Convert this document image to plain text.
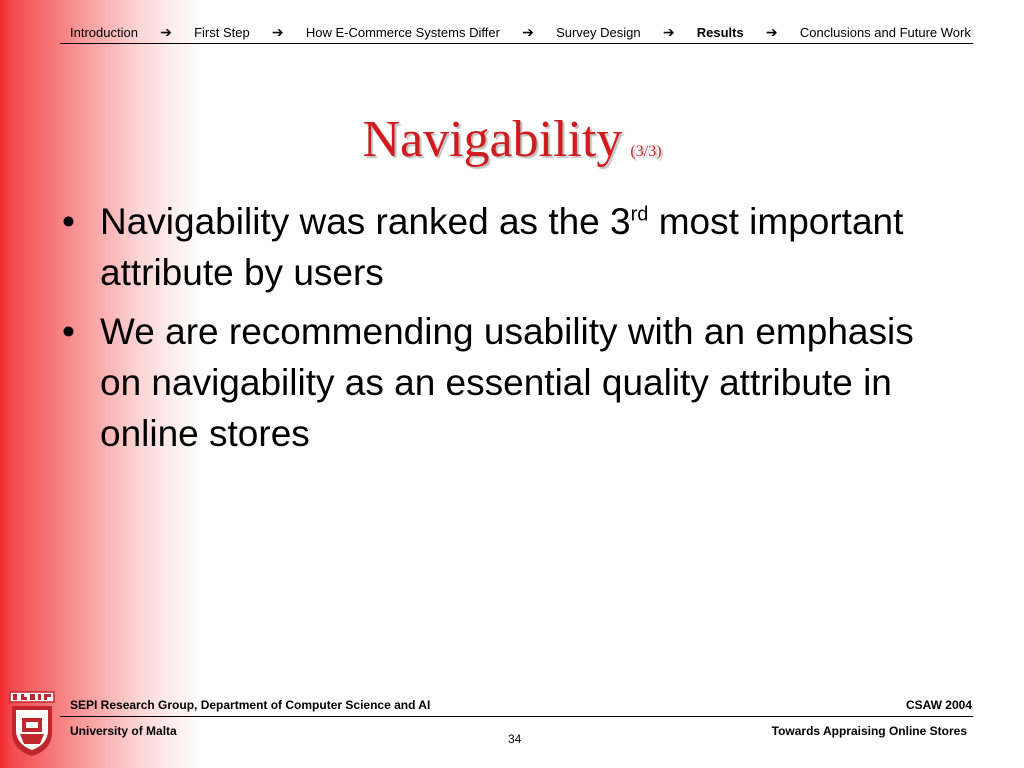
Introduction ➔ First Step ➔ How E-Commerce Systems Differ ➔ Survey Design ➔ Results ➔ Conclusions and Future Work
Navigability (3/3)
• Navigability was ranked as the 3rd most important attribute by users
• We are recommending usability with an emphasis on navigability as an essential quality attribute in online stores
SEPI Research Group, Department of Computer Science and AI	CSAW 2004
University of Malta	Towards Appraising Online Stores
34
